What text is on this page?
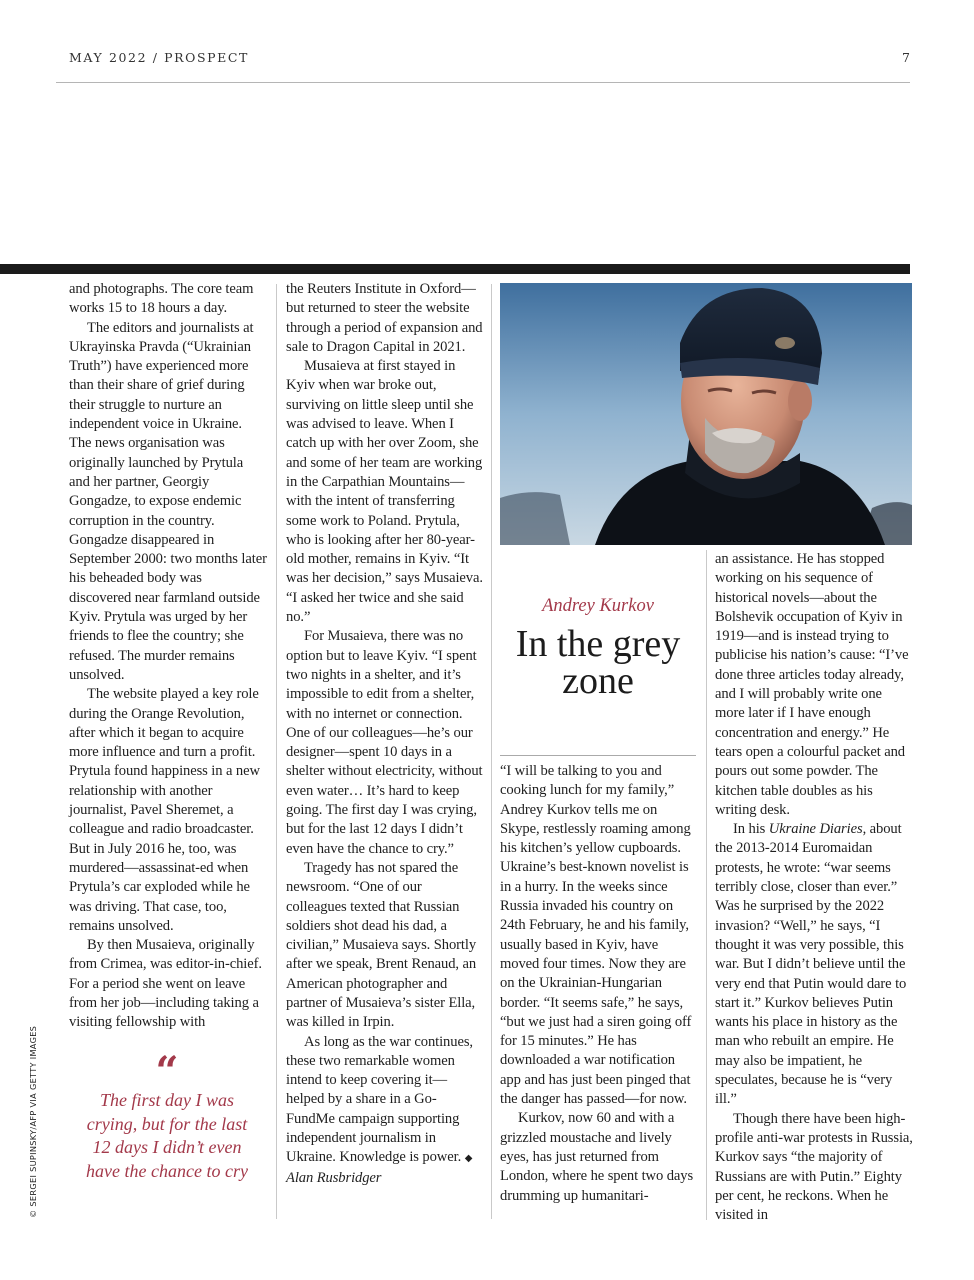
MAY 2022 / PROSPECT	7

and photographs. The core team works 15 to 18 hours a day.

The editors and journalists at Ukrayinska Pravda (“Ukrainian Truth”) have experienced more than their share of grief during their struggle to nurture an independent voice in Ukraine. The news organisation was originally launched by Prytula and her partner, Georgiy Gongadze, to expose endemic corruption in the country. Gongadze disappeared in September 2000: two months later his beheaded body was discovered near farmland outside Kyiv. Prytula was urged by her friends to flee the country; she refused. The murder remains unsolved.

The website played a key role during the Orange Revolution, after which it began to acquire more influence and turn a profit. Prytula found happiness in a new relationship with another journalist, Pavel Sheremet, a colleague and radio broadcaster. But in July 2016 he, too, was murdered—assassinat-ed when Prytula’s car exploded while he was driving. That case, too, remains unsolved.

By then Musaieva, originally from Crimea, was editor-in-chief. For a period she went on leave from her job—including taking a visiting fellowship with

“
The first day I was crying, but for the last 12 days I didn’t even have the chance to cry
© SERGEI SUPINSKY/AFP VIA GETTY IMAGES

the Reuters Institute in Oxford—but returned to steer the website through a period of expansion and sale to Dragon Capital in 2021.

Musaieva at first stayed in Kyiv when war broke out, surviving on little sleep until she was advised to leave. When I catch up with her over Zoom, she and some of her team are working in the Carpathian Mountains—with the intent of transferring some work to Poland. Prytula, who is looking after her 80-year-old mother, remains in Kyiv. “It was her decision,” says Musaieva. “I asked her twice and she said no.”

For Musaieva, there was no option but to leave Kyiv. “I spent two nights in a shelter, and it’s impossible to edit from a shelter, with no internet or connection. One of our colleagues—he’s our designer—spent 10 days in a shelter without electricity, without even water… It’s hard to keep going. The first day I was crying, but for the last 12 days I didn’t even have the chance to cry.”

Tragedy has not spared the newsroom. “One of our colleagues texted that Russian soldiers shot dead his dad, a civilian,” Musaieva says. Shortly after we speak, Brent Renaud, an American photographer and partner of Musaieva’s sister Ella, was killed in Irpin.

As long as the war continues, these two remarkable women intend to keep covering it—helped by a share in a Go-FundMe campaign supporting independent journalism in Ukraine. Knowledge is power. ◆
Alan Rusbridger

Andrey Kurkov
In the grey zone

“I will be talking to you and cooking lunch for my family,” Andrey Kurkov tells me on Skype, restlessly roaming among his kitchen’s yellow cupboards. Ukraine’s best-known novelist is in a hurry. In the weeks since Russia invaded his country on 24th February, he and his family, usually based in Kyiv, have moved four times. Now they are on the Ukrainian-Hungarian border. “It seems safe,” he says, “but we just had a siren going off for 15 minutes.” He has downloaded a war notification app and has just been pinged that the danger has passed—for now.

Kurkov, now 60 and with a grizzled moustache and lively eyes, has just returned from London, where he spent two days drumming up humanitari-

an assistance. He has stopped working on his sequence of historical novels—about the Bolshevik occupation of Kyiv in 1919—and is instead trying to publicise his nation’s cause: “I’ve done three articles today already, and I will probably write one more later if I have enough concentration and energy.” He tears open a colourful packet and pours out some powder. The kitchen table doubles as his writing desk.

In his Ukraine Diaries, about the 2013-2014 Euromaidan protests, he wrote: “war seems terribly close, closer than ever.” Was he surprised by the 2022 invasion? “Well,” he says, “I thought it was very possible, this war. But I didn’t believe until the very end that Putin would dare to start it.” Kurkov believes Putin wants his place in history as the man who rebuilt an empire. He may also be impatient, he speculates, because he is “very ill.”

Though there have been high-profile anti-war protests in Russia, Kurkov says “the majority of Russians are with Putin.” Eighty per cent, he reckons. When he visited in
